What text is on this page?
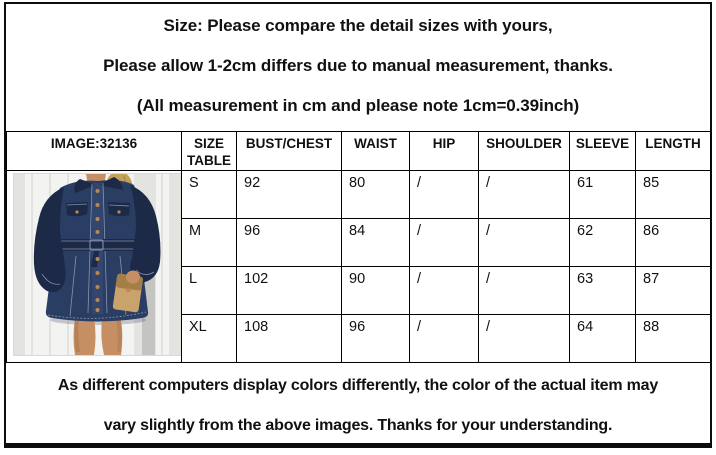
Size: Please compare the detail sizes with yours,

Please allow 1-2cm differs due to manual measurement, thanks.

(All measurement in cm and please note 1cm=0.39inch)

IMAGE:32136	SIZE TABLE	BUST/CHEST	WAIST	HIP	SHOULDER	SLEEVE	LENGTH

	S	92	80	/	/	61	85
	M	96	84	/	/	62	86
	L	102	90	/	/	63	87
	XL	108	96	/	/	64	88

As different computers display colors differently, the color of the actual item may

vary slightly from the above images. Thanks for your understanding.
